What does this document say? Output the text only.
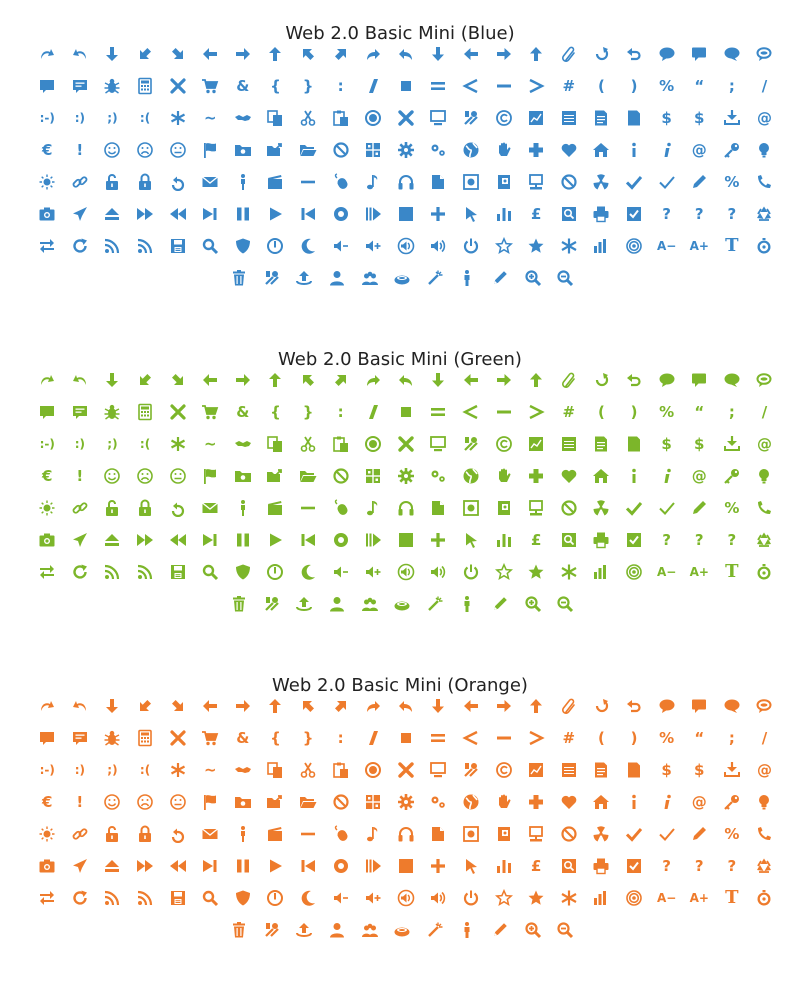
Web 2.0 Basic Mini (Blue)
& { } :	# ( ) % “ ; /
:-) :) ;) :(	~	$ $	@
€ !	@
%
£	? ? ?
A− A+ T
Web 2.0 Basic Mini (Green)
& { } :	# ( ) % “ ; /
:-) :) ;) :(	~	$ $	@
€ !	@
%
£	? ? ?
A− A+ T
Web 2.0 Basic Mini (Orange)
& { } :	# ( ) % “ ; /
:-) :) ;) :(	~	$ $	@
€ !	@
%
£	? ? ?
A− A+ T
